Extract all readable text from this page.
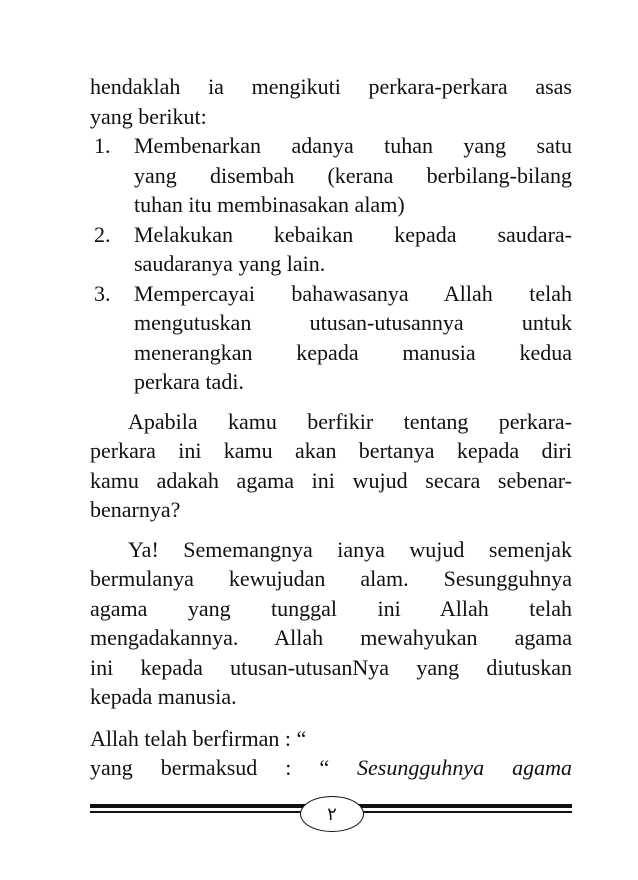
hendaklah ia mengikuti perkara-perkara asas

yang berikut:

1. Membenarkan adanya tuhan yang satu
yang disembah (kerana berbilang-bilang
tuhan itu membinasakan alam)
2. Melakukan kebaikan kepada saudara-
saudaranya yang lain.
3. Mempercayai bahawasanya Allah telah
mengutuskan utusan-utusannya untuk
menerangkan kepada manusia kedua
perkara tadi.

Apabila kamu berfikir tentang perkara-

perkara ini kamu akan bertanya kepada diri

kamu adakah agama ini wujud secara sebenar-

benarnya?

Ya! Sememangnya ianya wujud semenjak

bermulanya kewujudan alam. Sesungguhnya

agama yang tunggal ini Allah telah

mengadakannya. Allah mewahyukan agama

ini kepada utusan-utusanNya yang diutuskan

kepada manusia.

Allah telah berfirman : “

yang bermaksud : “ Sesungguhnya agama

٢
